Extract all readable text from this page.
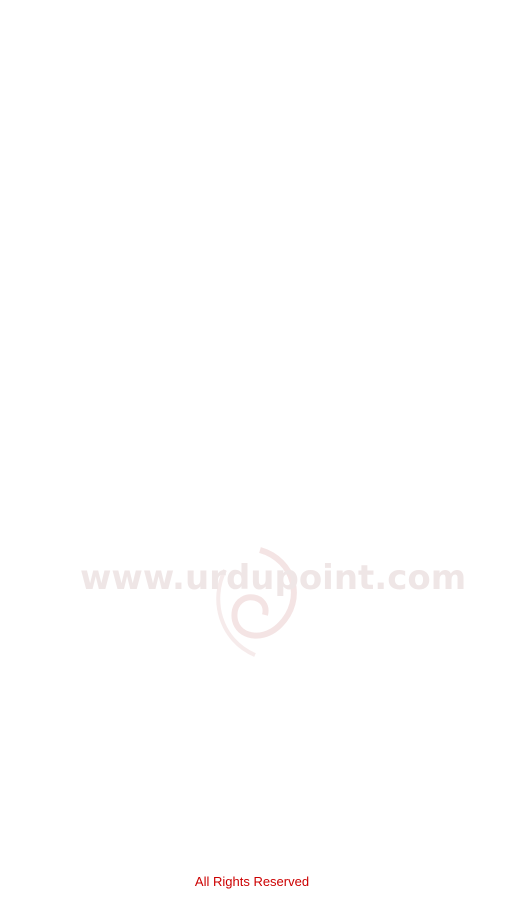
www.urdupoint.com
All Rights Reserved
